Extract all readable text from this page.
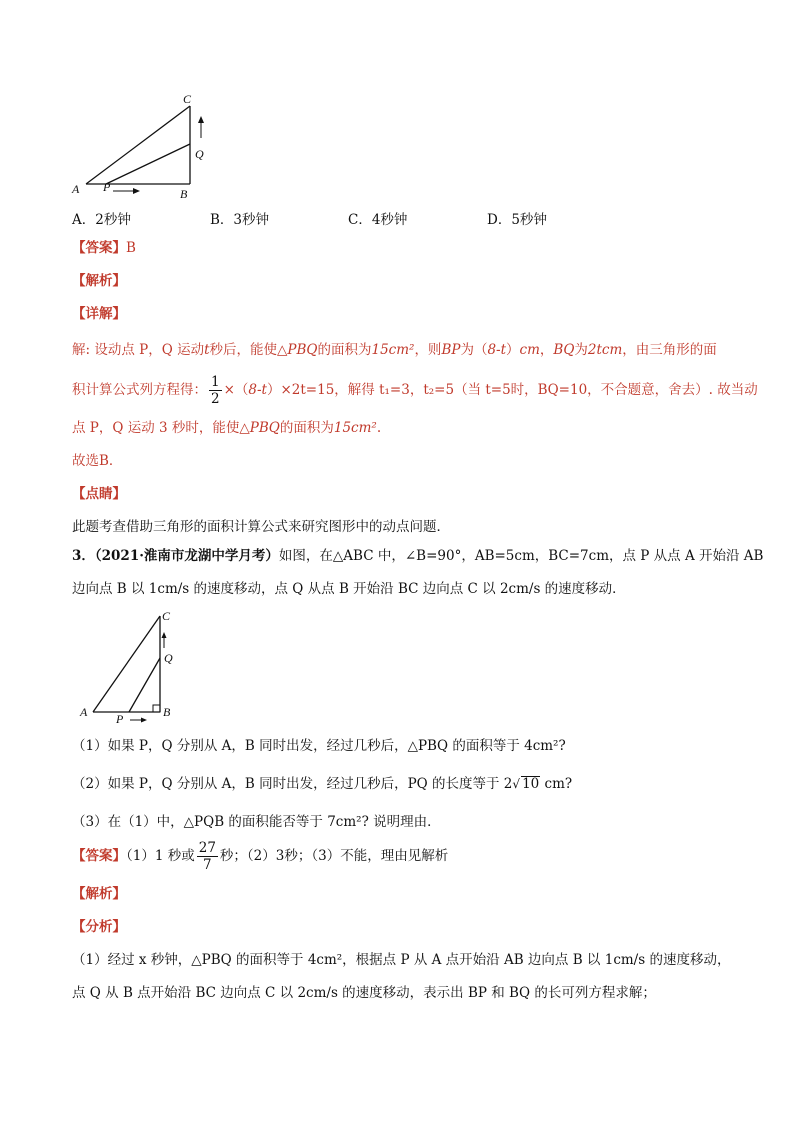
C
Q
A P	B
A．2秒钟	B．3秒钟	C．4秒钟	D．5秒钟
【答案】B
【解析】
【详解】
解: 设动点 P，Q 运动t秒后，能使△PBQ的面积为15cm²，则BP为（8-t）cm，BQ为2tcm，由三角形的面
积计算公式列方程得： $\frac{1}{2} \times(8-t)\times 2t=15$，解得 t₁=3，t₂=5（当 t=5时，BQ=10，不合题意，舍去）. 故当动
点 P，Q 运动 3 秒时，能使△PBQ的面积为15cm².
故选B．
【点睛】
此题考查借助三角形的面积计算公式来研究图形中的动点问题．
3．（2021·淮南市龙湖中学月考）如图，在△ABC 中，∠B=90°，AB=5cm，BC=7cm，点 P 从点 A 开始沿 AB
边向点 B 以 1cm/s 的速度移动，点 Q 从点 B 开始沿 BC 边向点 C 以 2cm/s 的速度移动．
C
Q
A P	B
（1）如果 P，Q 分别从 A，B 同时出发，经过几秒后，△PBQ 的面积等于 4cm²?
（2）如果 P，Q 分别从 A，B 同时出发，经过几秒后，PQ 的长度等于 2√ 10 cm?
（3）在（1）中，△PQB 的面积能否等于 7cm²? 说明理由．
【答案】（1）1 秒或 $\frac{27}{7}$ 秒；（2）3秒；（3）不能，理由见解析
【解析】
【分析】
（1）经过 x 秒钟，△PBQ 的面积等于 4cm²，根据点 P 从 A 点开始沿 AB 边向点 B 以 1cm/s 的速度移动，
点 Q 从 B 点开始沿 BC 边向点 C 以 2cm/s 的速度移动，表示出 BP 和 BQ 的长可列方程求解；
